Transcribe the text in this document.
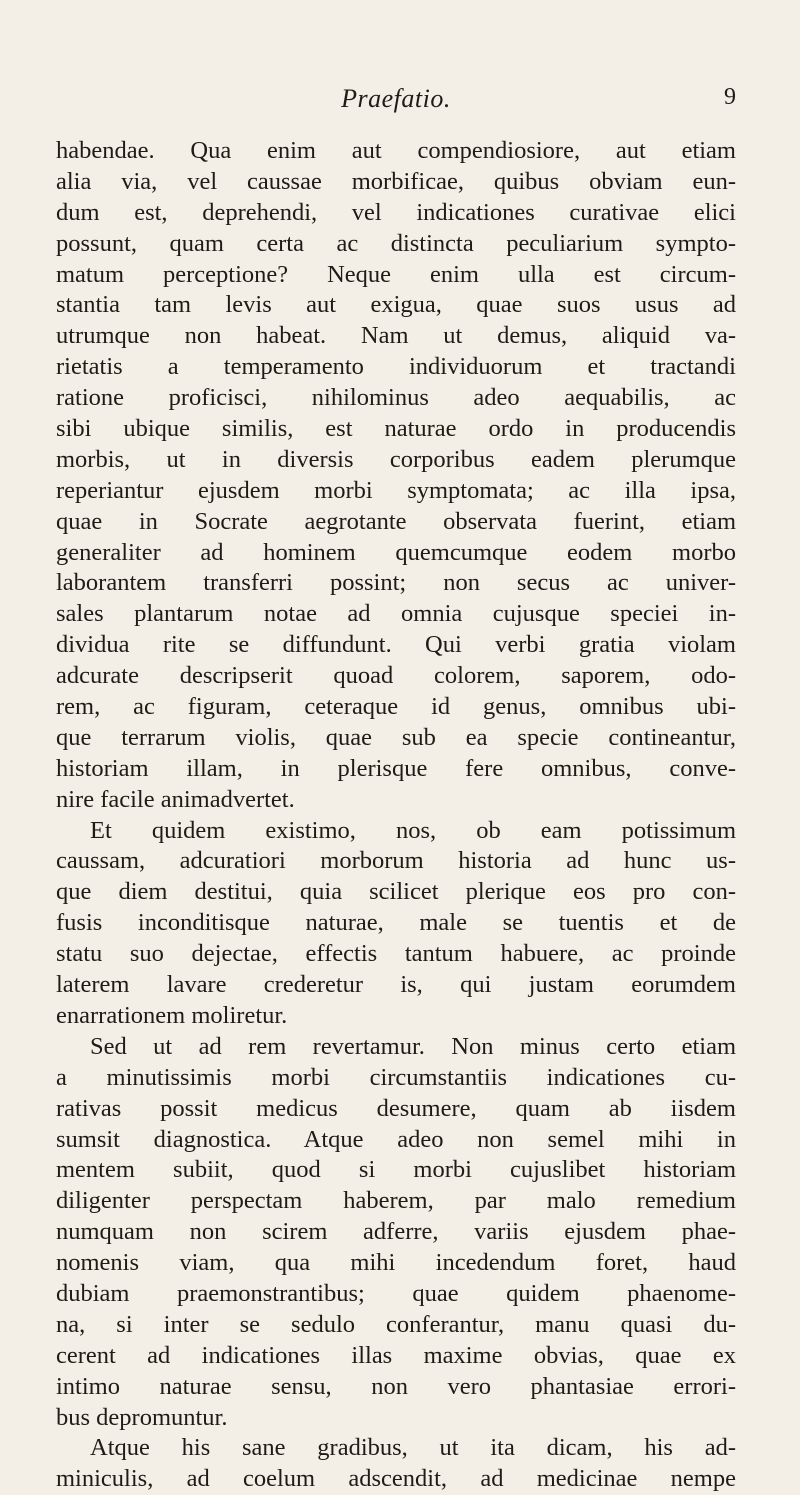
Praefatio.	9
habendae. Qua enim aut compendiosiore, aut etiam
alia via, vel caussae morbificae, quibus obviam eun-
dum est, deprehendi, vel indicationes curativae elici
possunt, quam certa ac distincta peculiarium sympto-
matum perceptione? Neque enim ulla est circum-
stantia tam levis aut exigua, quae suos usus ad
utrumque non habeat. Nam ut demus, aliquid va-
rietatis a temperamento individuorum et tractandi
ratione proficisci, nihilominus adeo aequabilis, ac
sibi ubique similis, est naturae ordo in producendis
morbis, ut in diversis corporibus eadem plerumque
reperiantur ejusdem morbi symptomata; ac illa ipsa,
quae in Socrate aegrotante observata fuerint, etiam
generaliter ad hominem quemcumque eodem morbo
laborantem transferri possint; non secus ac univer-
sales plantarum notae ad omnia cujusque speciei in-
dividua rite se diffundunt. Qui verbi gratia violam
adcurate descripserit quoad colorem, saporem, odo-
rem, ac figuram, ceteraque id genus, omnibus ubi-
que terrarum violis, quae sub ea specie contineantur,
historiam illam, in plerisque fere omnibus, conve-
nire facile animadvertet.
Et quidem existimo, nos, ob eam potissimum
caussam, adcuratiori morborum historia ad hunc us-
que diem destitui, quia scilicet plerique eos pro con-
fusis inconditisque naturae, male se tuentis et de
statu suo dejectae, effectis tantum habuere, ac proinde
laterem lavare crederetur is, qui justam eorumdem
enarrationem moliretur.
Sed ut ad rem revertamur. Non minus certo etiam
a minutissimis morbi circumstantiis indicationes cu-
rativas possit medicus desumere, quam ab iisdem
sumsit diagnostica. Atque adeo non semel mihi in
mentem subiit, quod si morbi cujuslibet historiam
diligenter perspectam haberem, par malo remedium
numquam non scirem adferre, variis ejusdem phae-
nomenis viam, qua mihi incedendum foret, haud
dubiam praemonstrantibus; quae quidem phaenome-
na, si inter se sedulo conferantur, manu quasi du-
cerent ad indicationes illas maxime obvias, quae ex
intimo naturae sensu, non vero phantasiae errori-
bus depromuntur.
Atque his sane gradibus, ut ita dicam, his ad-
miniculis, ad coelum adscendit, ad medicinae nempe
